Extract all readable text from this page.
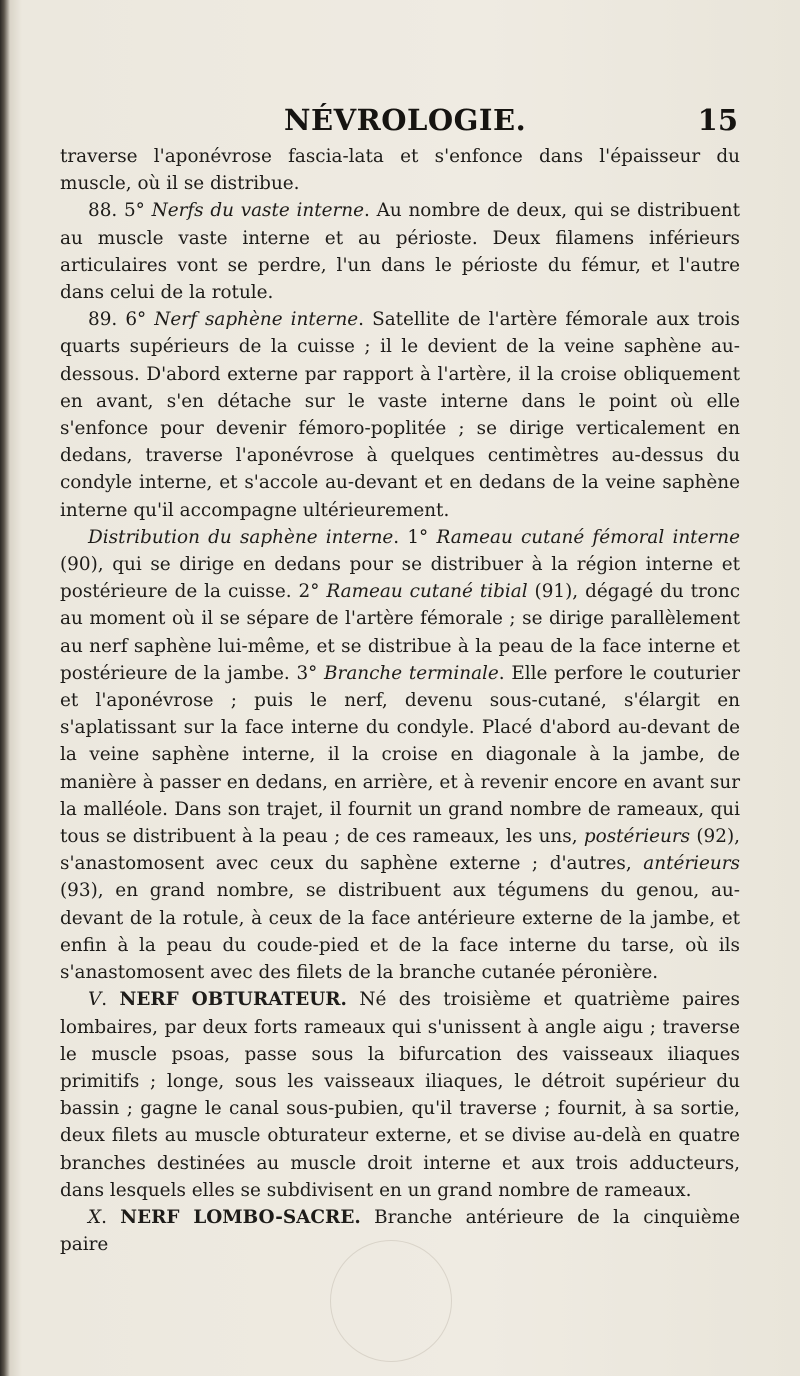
NÉVROLOGIE.	15

traverse l'aponévrose fascia-lata et s'enfonce dans l'épaisseur du muscle, où il se distribue.

88. 5° Nerfs du vaste interne. Au nombre de deux, qui se distribuent au muscle vaste interne et au périoste. Deux filamens inférieurs articulaires vont se perdre, l'un dans le périoste du fémur, et l'autre dans celui de la rotule.

89. 6° Nerf saphène interne. Satellite de l'artère fémorale aux trois quarts supérieurs de la cuisse ; il le devient de la veine saphène au-dessous. D'abord externe par rapport à l'artère, il la croise obliquement en avant, s'en détache sur le vaste interne dans le point où elle s'enfonce pour devenir fémoro-poplitée ; se dirige verticalement en dedans, traverse l'aponévrose à quelques centimètres au-dessus du condyle interne, et s'accole au-devant et en dedans de la veine saphène interne qu'il accompagne ultérieurement.

Distribution du saphène interne. 1° Rameau cutané fémoral interne (90), qui se dirige en dedans pour se distribuer à la région interne et postérieure de la cuisse. 2° Rameau cutané tibial (91), dégagé du tronc au moment où il se sépare de l'artère fémorale ; se dirige parallèlement au nerf saphène lui-même, et se distribue à la peau de la face interne et postérieure de la jambe. 3° Branche terminale. Elle perfore le couturier et l'aponévrose ; puis le nerf, devenu sous-cutané, s'élargit en s'aplatissant sur la face interne du condyle. Placé d'abord au-devant de la veine saphène interne, il la croise en diagonale à la jambe, de manière à passer en dedans, en arrière, et à revenir encore en avant sur la malléole. Dans son trajet, il fournit un grand nombre de rameaux, qui tous se distribuent à la peau ; de ces rameaux, les uns, postérieurs (92), s'anastomosent avec ceux du saphène externe ; d'autres, antérieurs (93), en grand nombre, se distribuent aux tégumens du genou, au-devant de la rotule, à ceux de la face antérieure externe de la jambe, et enfin à la peau du coude-pied et de la face interne du tarse, où ils s'anastomosent avec des filets de la branche cutanée péronière.

V. NERF OBTURATEUR. Né des troisième et quatrième paires lombaires, par deux forts rameaux qui s'unissent à angle aigu ; traverse le muscle psoas, passe sous la bifurcation des vaisseaux iliaques primitifs ; longe, sous les vaisseaux iliaques, le détroit supérieur du bassin ; gagne le canal sous-pubien, qu'il traverse ; fournit, à sa sortie, deux filets au muscle obturateur externe, et se divise au-delà en quatre branches destinées au muscle droit interne et aux trois adducteurs, dans lesquels elles se subdivisent en un grand nombre de rameaux.

X. NERF LOMBO-SACRE. Branche antérieure de la cinquième paire
